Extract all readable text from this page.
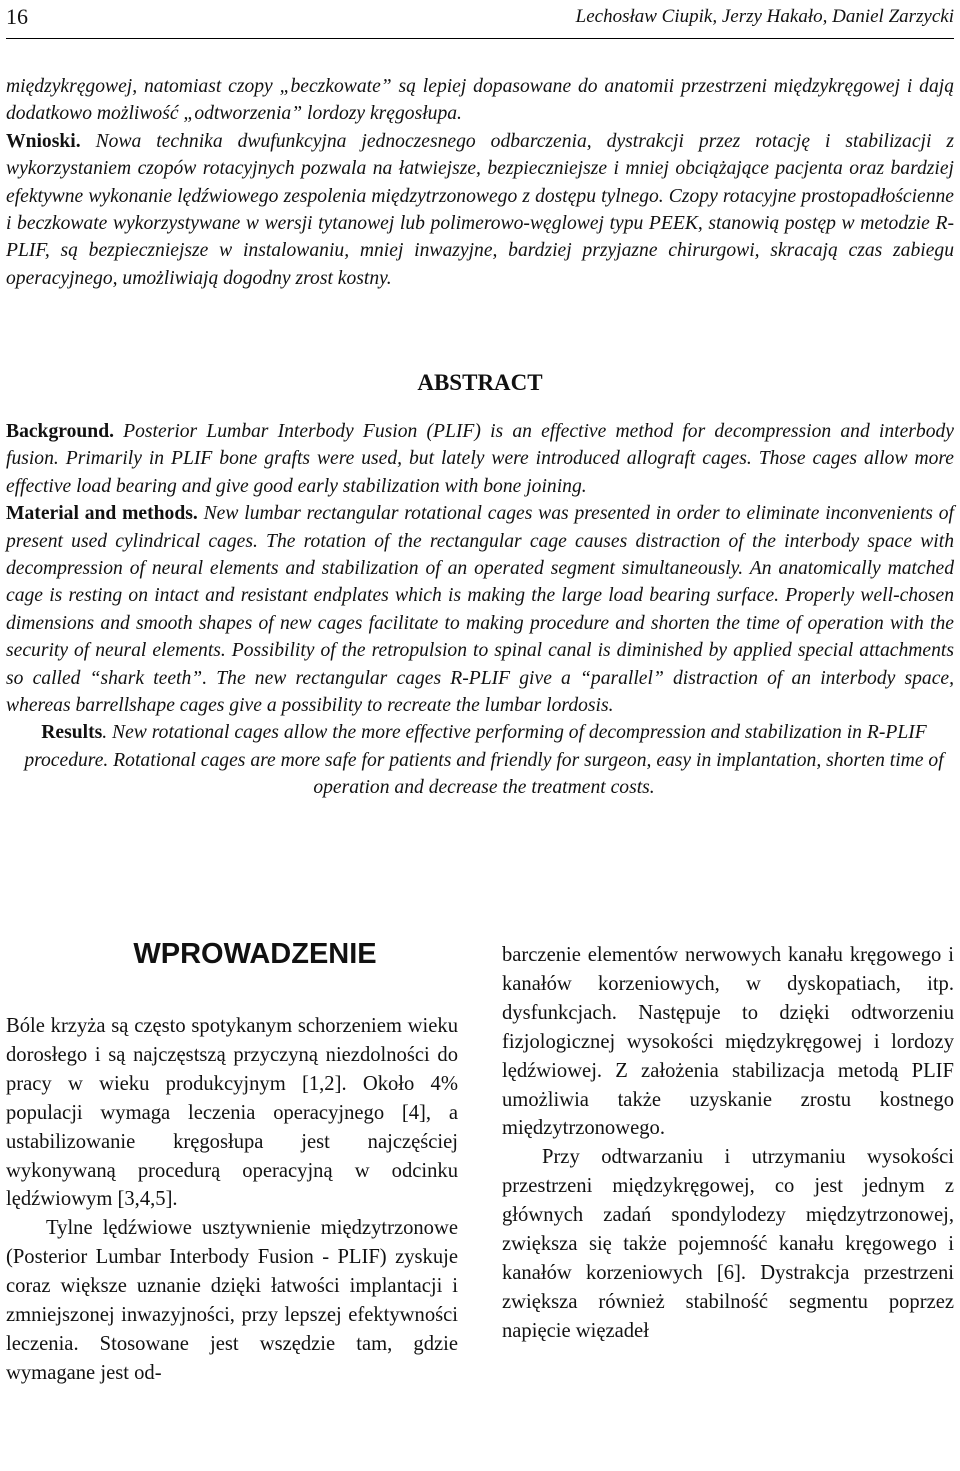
16	Lechosław Ciupik, Jerzy Hakało, Daniel Zarzycki
międzykręgowej, natomiast czopy „beczkowate” są lepiej dopasowane do anatomii przestrzeni międzykręgowej i dają dodatkowo możliwość „odtworzenia” lordozy kręgosłupa.
Wnioski. Nowa technika dwufunkcyjna jednoczesnego odbarczenia, dystrakcji przez rotację i stabilizacji z wykorzystaniem czopów rotacyjnych pozwala na łatwiejsze, bezpieczniejsze i mniej obciążające pacjenta oraz bardziej efektywne wykonanie lędźwiowego zespolenia międzytrzonowego z dostępu tylnego. Czopy rotacyjne prostopadłościenne i beczkowate wykorzystywane w wersji tytanowej lub polimerowo-węglowej typu PEEK, stanowią postęp w metodzie R-PLIF, są bezpieczniejsze w instalowaniu, mniej inwazyjne, bardziej przyjazne chirurgowi, skracają czas zabiegu operacyjnego, umożliwiają dogodny zrost kostny.
ABSTRACT

Background. Posterior Lumbar Interbody Fusion (PLIF) is an effective method for decompression and interbody fusion. Primarily in PLIF bone grafts were used, but lately were introduced allograft cages. Those cages allow more effective load bearing and give good early stabilization with bone joining.

Material and methods. New lumbar rectangular rotational cages was presented in order to eliminate inconvenients of present used cylindrical cages. The rotation of the rectangular cage causes distraction of the interbody space with decompression of neural elements and stabilization of an operated segment simultaneously. An anatomically matched cage is resting on intact and resistant endplates which is making the large load bearing surface. Properly well-chosen dimensions and smooth shapes of new cages facilitate to making procedure and shorten the time of operation with the security of neural elements. Possibility of the retropulsion to spinal canal is diminished by applied special attachments so called “shark teeth”. The new rectangular cages R-PLIF give a “parallel” distraction of an interbody space, whereas barrellshape cages give a possibility to recreate the lumbar lordosis.

Results. New rotational cages allow the more effective performing of decompression and stabilization in R-PLIF procedure. Rotational cages are more safe for patients and friendly for surgeon, easy in implantation, shorten time of operation and decrease the treatment costs.

WPROWADZENIE

Bóle krzyża są często spotykanym schorzeniem wieku dorosłego i są najczęstszą przyczyną niezdolności do pracy w wieku produkcyjnym [1,2]. Około 4% populacji wymaga leczenia operacyjnego [4], a ustabilizowanie kręgosłupa jest najczęściej wykonywaną procedurą operacyjną w odcinku lędźwiowym [3,4,5].

Tylne lędźwiowe usztywnienie międzytrzonowe (Posterior Lumbar Interbody Fusion - PLIF) zyskuje coraz większe uznanie dzięki łatwości implantacji i zmniejszonej inwazyjności, przy lepszej efektywności leczenia. Stosowane jest wszędzie tam, gdzie wymagane jest od-

barczenie elementów nerwowych kanału kręgowego i kanałów korzeniowych, w dyskopatiach, itp. dysfunkcjach. Następuje to dzięki odtworzeniu fizjologicznej wysokości międzykręgowej i lordozy lędźwiowej. Z założenia stabilizacja metodą PLIF umożliwia także uzyskanie zrostu kostnego międzytrzonowego.

Przy odtwarzaniu i utrzymaniu wysokości przestrzeni międzykręgowej, co jest jednym z głównych zadań spondylodezy międzytrzonowej, zwiększa się także pojemność kanału kręgowego i kanałów korzeniowych [6]. Dystrakcja przestrzeni zwiększa również stabilność segmentu poprzez napięcie więzadeł
